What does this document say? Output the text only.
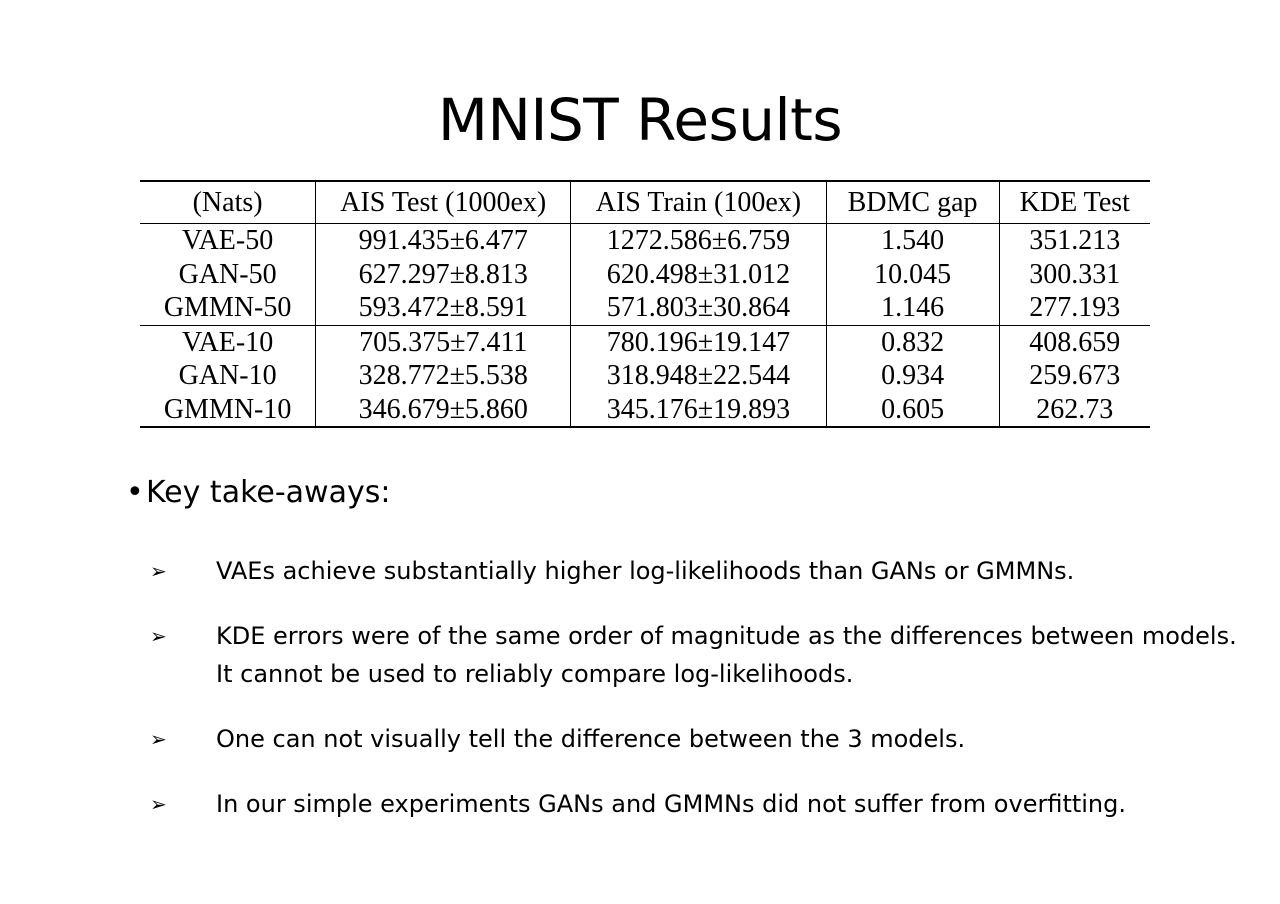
MNIST Results
(Nats)	AIS Test (1000ex)	AIS Train (100ex)	BDMC gap	KDE Test
VAE-50	991.435±6.477	1272.586±6.759	1.540	351.213
GAN-50	627.297±8.813	620.498±31.012	10.045	300.331
GMMN-50	593.472±8.591	571.803±30.864	1.146	277.193
VAE-10	705.375±7.411	780.196±19.147	0.832	408.659
GAN-10	328.772±5.538	318.948±22.544	0.934	259.673
GMMN-10	346.679±5.860	345.176±19.893	0.605	262.73
•Key take-aways:
➢	VAEs achieve substantially higher log-likelihoods than GANs or GMMNs.
➢	KDE errors were of the same order of magnitude as the differences between models. It cannot be used to reliably compare log-likelihoods.
➢	One can not visually tell the difference between the 3 models.
➢	In our simple experiments GANs and GMMNs did not suffer from overfitting.
